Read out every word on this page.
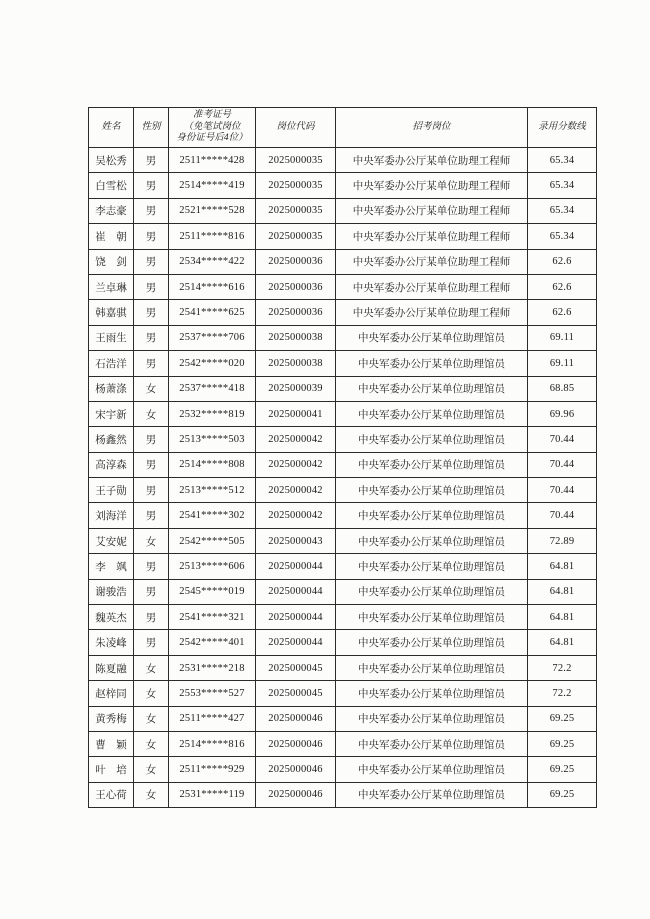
姓名	性别	准考证号
（免笔试岗位
身份证号后4位）	岗位代码	招考岗位	录用分数线
吴松秀	男	2511*****428	2025000035	中央军委办公厅某单位助理工程师	65.34
白雪松	男	2514*****419	2025000035	中央军委办公厅某单位助理工程师	65.34
李志豪	男	2521*****528	2025000035	中央军委办公厅某单位助理工程师	65.34
崔　朝	男	2511*****816	2025000035	中央军委办公厅某单位助理工程师	65.34
饶　剑	男	2534*****422	2025000036	中央军委办公厅某单位助理工程师	62.6
兰卓琳	男	2514*****616	2025000036	中央军委办公厅某单位助理工程师	62.6
韩嘉骐	男	2541*****625	2025000036	中央军委办公厅某单位助理工程师	62.6
王雨生	男	2537*****706	2025000038	中央军委办公厅某单位助理馆员	69.11
石浩洋	男	2542*****020	2025000038	中央军委办公厅某单位助理馆员	69.11
杨萧涤	女	2537*****418	2025000039	中央军委办公厅某单位助理馆员	68.85
宋宇新	女	2532*****819	2025000041	中央军委办公厅某单位助理馆员	69.96
杨鑫然	男	2513*****503	2025000042	中央军委办公厅某单位助理馆员	70.44
高淳森	男	2514*****808	2025000042	中央军委办公厅某单位助理馆员	70.44
王子勋	男	2513*****512	2025000042	中央军委办公厅某单位助理馆员	70.44
刘海洋	男	2541*****302	2025000042	中央军委办公厅某单位助理馆员	70.44
艾安妮	女	2542*****505	2025000043	中央军委办公厅某单位助理馆员	72.89
李　飒	男	2513*****606	2025000044	中央军委办公厅某单位助理馆员	64.81
谢骏浩	男	2545*****019	2025000044	中央军委办公厅某单位助理馆员	64.81
魏英杰	男	2541*****321	2025000044	中央军委办公厅某单位助理馆员	64.81
朱凌峰	男	2542*****401	2025000044	中央军委办公厅某单位助理馆员	64.81
陈夏融	女	2531*****218	2025000045	中央军委办公厅某单位助理馆员	72.2
赵梓同	女	2553*****527	2025000045	中央军委办公厅某单位助理馆员	72.2
黄秀梅	女	2511*****427	2025000046	中央军委办公厅某单位助理馆员	69.25
曹　颖	女	2514*****816	2025000046	中央军委办公厅某单位助理馆员	69.25
叶　培	女	2511*****929	2025000046	中央军委办公厅某单位助理馆员	69.25
王心荷	女	2531*****119	2025000046	中央军委办公厅某单位助理馆员	69.25
